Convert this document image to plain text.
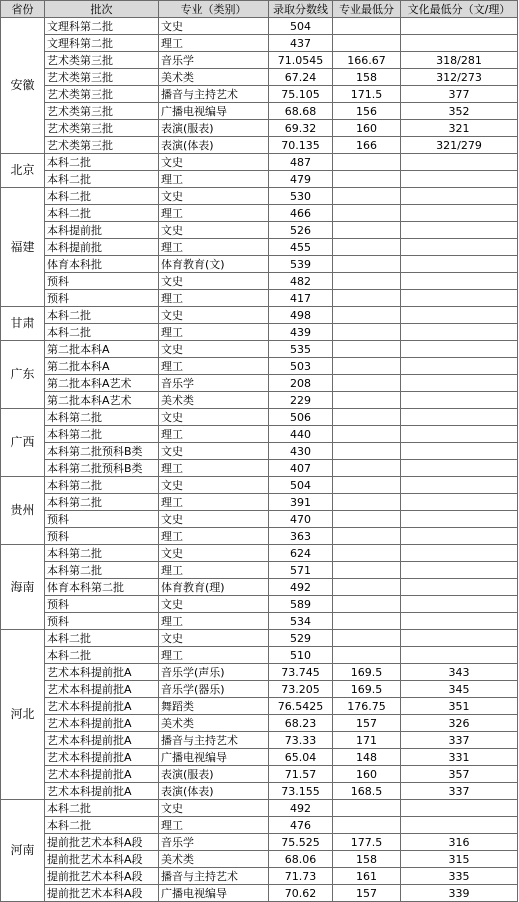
省份	批次	专业（类别）	录取分数线	专业最低分	文化最低分（文/理）
安徽	文理科第二批	文史	504		
	文理科第二批	理工	437		
	艺术类第三批	音乐学	71.0545	166.67	318/281
	艺术类第三批	美术类	67.24	158	312/273
	艺术类第三批	播音与主持艺术	75.105	171.5	377
	艺术类第三批	广播电视编导	68.68	156	352
	艺术类第三批	表演(服表)	69.32	160	321
	艺术类第三批	表演(体表)	70.135	166	321/279
北京	本科二批	文史	487		
	本科二批	理工	479		
福建	本科二批	文史	530		
	本科二批	理工	466		
	本科提前批	文史	526		
	本科提前批	理工	455		
	体育本科批	体育教育(文)	539		
	预科	文史	482		
	预科	理工	417		
甘肃	本科二批	文史	498		
	本科二批	理工	439		
广东	第二批本科A	文史	535		
	第二批本科A	理工	503		
	第二批本科A艺术	音乐学	208		
	第二批本科A艺术	美术类	229		
广西	本科第二批	文史	506		
	本科第二批	理工	440		
	本科第二批预科B类	文史	430		
	本科第二批预科B类	理工	407		
贵州	本科第二批	文史	504		
	本科第二批	理工	391		
	预科	文史	470		
	预科	理工	363		
海南	本科第二批	文史	624		
	本科第二批	理工	571		
	体育本科第二批	体育教育(理)	492		
	预科	文史	589		
	预科	理工	534		
河北	本科二批	文史	529		
	本科二批	理工	510		
	艺术本科提前批A	音乐学(声乐)	73.745	169.5	343
	艺术本科提前批A	音乐学(器乐)	73.205	169.5	345
	艺术本科提前批A	舞蹈类	76.5425	176.75	351
	艺术本科提前批A	美术类	68.23	157	326
	艺术本科提前批A	播音与主持艺术	73.33	171	337
	艺术本科提前批A	广播电视编导	65.04	148	331
	艺术本科提前批A	表演(服表)	71.57	160	357
	艺术本科提前批A	表演(体表)	73.155	168.5	337
河南	本科二批	文史	492		
	本科二批	理工	476		
	提前批艺术本科A段	音乐学	75.525	177.5	316
	提前批艺术本科A段	美术类	68.06	158	315
	提前批艺术本科A段	播音与主持艺术	71.73	161	335
	提前批艺术本科A段	广播电视编导	70.62	157	339
